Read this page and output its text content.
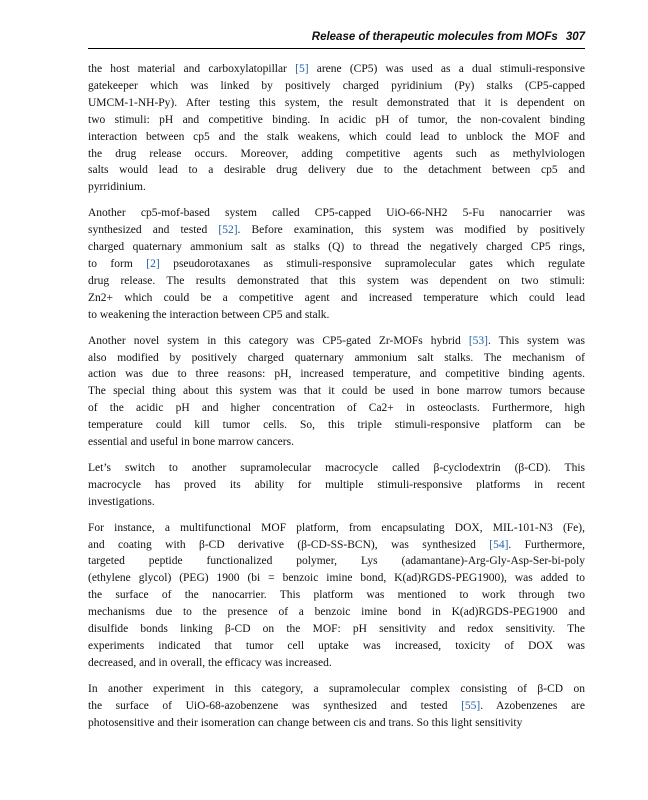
Release of therapeutic molecules from MOFs 307

the host material and carboxylatopillar [5] arene (CP5) was used as a dual stimuli-responsive
gatekeeper which was linked by positively charged pyridinium (Py) stalks (CP5-capped
UMCM-1-NH-Py). After testing this system, the result demonstrated that it is dependent on
two stimuli: pH and competitive binding. In acidic pH of tumor, the non-covalent binding
interaction between cp5 and the stalk weakens, which could lead to unblock the MOF and
the drug release occurs. Moreover, adding competitive agents such as methylviologen
salts would lead to a desirable drug delivery due to the detachment between cp5 and
pyrridinium.

Another cp5-mof-based system called CP5-capped UiO-66-NH2 5-Fu nanocarrier was
synthesized and tested [52]. Before examination, this system was modified by positively
charged quaternary ammonium salt as stalks (Q) to thread the negatively charged CP5 rings,
to form [2] pseudorotaxanes as stimuli-responsive supramolecular gates which regulate
drug release. The results demonstrated that this system was dependent on two stimuli:
Zn2+ which could be a competitive agent and increased temperature which could lead
to weakening the interaction between CP5 and stalk.

Another novel system in this category was CP5-gated Zr-MOFs hybrid [53]. This system was
also modified by positively charged quaternary ammonium salt stalks. The mechanism of
action was due to three reasons: pH, increased temperature, and competitive binding agents.
The special thing about this system was that it could be used in bone marrow tumors because
of the acidic pH and higher concentration of Ca2+ in osteoclasts. Furthermore, high
temperature could kill tumor cells. So, this triple stimuli-responsive platform can be
essential and useful in bone marrow cancers.

Let’s switch to another supramolecular macrocycle called β-cyclodextrin (β-CD). This
macrocycle has proved its ability for multiple stimuli-responsive platforms in recent
investigations.

For instance, a multifunctional MOF platform, from encapsulating DOX, MIL-101-N3 (Fe),
and coating with β-CD derivative (β-CD-SS-BCN), was synthesized [54]. Furthermore,
targeted peptide functionalized polymer, Lys (adamantane)-Arg-Gly-Asp-Ser-bi-poly
(ethylene glycol) (PEG) 1900 (bi = benzoic imine bond, K(ad)RGDS-PEG1900), was added to
the surface of the nanocarrier. This platform was mentioned to work through two
mechanisms due to the presence of a benzoic imine bond in K(ad)RGDS-PEG1900 and
disulfide bonds linking β-CD on the MOF: pH sensitivity and redox sensitivity. The
experiments indicated that tumor cell uptake was increased, toxicity of DOX was
decreased, and in overall, the efficacy was increased.

In another experiment in this category, a supramolecular complex consisting of β-CD on
the surface of UiO-68-azobenzene was synthesized and tested [55]. Azobenzenes are
photosensitive and their isomeration can change between cis and trans. So this light sensitivity
